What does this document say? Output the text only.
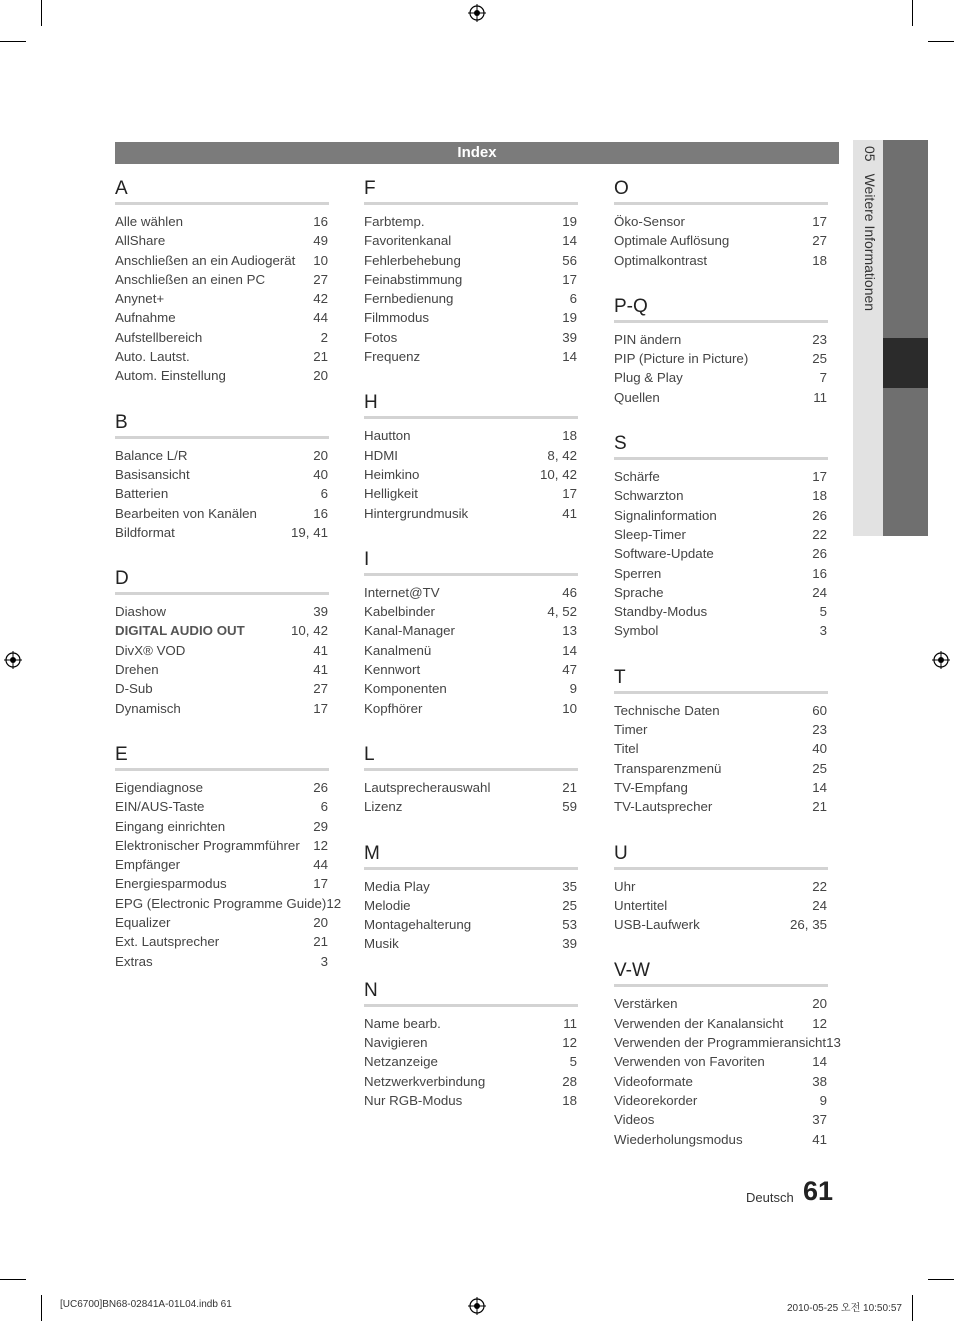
Index
A
Alle wählen	16
AllShare	49
Anschließen an ein Audiogerät 10
Anschließen an einen PC	27
Anynet+	42
Aufnahme	44
Aufstellbereich	2
Auto. Lautst.	21
Autom. Einstellung	20
B
Balance L/R	20
Basisansicht	40
Batterien	6
Bearbeiten von Kanälen	16
Bildformat	19, 41
D
Diashow	39
DIGITAL AUDIO OUT	10, 42
DivX® VOD	41
Drehen	41
D-Sub	27
Dynamisch	17
E
Eigendiagnose	26
EIN/AUS-Taste	6
Eingang einrichten	29
Elektronischer Programmführer 12
Empfänger	44
Energiesparmodus	17
EPG (Electronic Programme Guide) 12
Equalizer	20
Ext. Lautsprecher	21
Extras	3
F
Farbtemp.	19
Favoritenkanal	14
Fehlerbehebung	56
Feinabstimmung	17
Fernbedienung	6
Filmmodus	19
Fotos	39
Frequenz	14
H
Hautton	18
HDMI	8, 42
Heimkino	10, 42
Helligkeit	17
Hintergrundmusik	41
I
Internet@TV	46
Kabelbinder	4, 52
Kanal-Manager	13
Kanalmenü	14
Kennwort	47
Komponenten	9
Kopfhörer	10
L
Lautsprecherauswahl	21
Lizenz	59
M
Media Play	35
Melodie	25
Montagehalterung	53
Musik	39
N
Name bearb.	11
Navigieren	12
Netzanzeige	5
Netzwerkverbindung	28
Nur RGB-Modus	18
O
Öko-Sensor	17
Optimale Auflösung	27
Optimalkontrast	18
P-Q
PIN ändern	23
PIP (Picture in Picture)	25
Plug & Play	7
Quellen	11
S
Schärfe	17
Schwarzton	18
Signalinformation	26
Sleep-Timer	22
Software-Update	26
Sperren	16
Sprache	24
Standby-Modus	5
Symbol	3
T
Technische Daten	60
Timer	23
Titel	40
Transparenzmenü	25
TV-Empfang	14
TV-Lautsprecher	21
U
Uhr	22
Untertitel	24
USB-Laufwerk	26, 35
V-W
Verstärken	20
Verwenden der Kanalansicht 12
Verwenden der Programmieransicht 13
Verwenden von Favoriten	14
Videoformate	38
Videorekorder	9
Videos	37
Wiederholungsmodus	41
05Weitere Informationen
Deutsch 61
[UC6700]BN68-02841A-01L04.indb 61	2010-05-25 오전 10:50:57
